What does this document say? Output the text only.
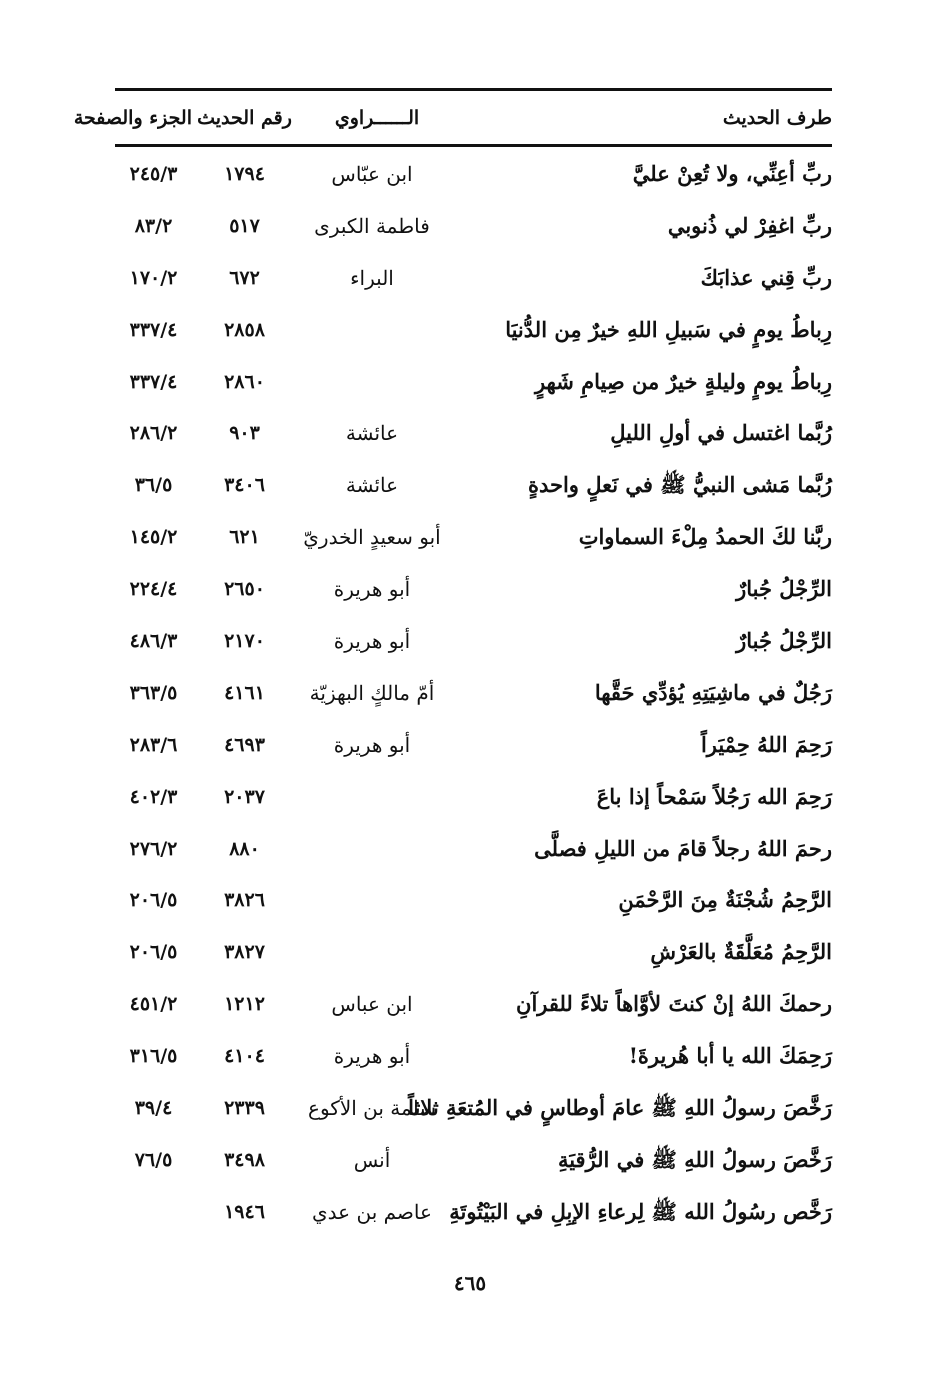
طرف الحديث
الــــــراوي
رقم الحديث
الجزء والصفحة
ربِّ أعِنِّي، ولا تُعِنْ عليَّ
ابن عبّاس
١٧٩٤
٢٤٥/٣
ربِّ اغفِرْ لي ذُنوبي
فاطمة الكبرى
٥١٧
٨٣/٢
ربِّ قِني عذابَكَ
البراء
٦٧٢
١٧٠/٢
رِباطُ يومٍ في سَبيلِ اللهِ خيرٌ مِن الدُّنيَا
٢٨٥٨
٣٣٧/٤
رِباطُ يومٍ وليلةٍ خيرٌ من صِيامِ شَهرٍ
٢٨٦٠
٣٣٧/٤
رُبَّما اغتسل في أولِ الليلِ
عائشة
٩٠٣
٢٨٦/٢
رُبَّما مَشى النبيُّ ﷺ في نَعلٍ واحدةٍ
عائشة
٣٤٠٦
٣٦/٥
ربَّنا لكَ الحمدُ مِلْءَ السماواتِ
أبو سعيدٍ الخدريّ
٦٢١
١٤٥/٢
الرِّجْلُ جُبارٌ
أبو هريرة
٢٦٥٠
٢٢٤/٤
الرِّجْلُ جُبارٌ
أبو هريرة
٢١٧٠
٤٨٦/٣
رَجُلٌ في ماشِيَتِهِ يُؤدِّي حَقَّها
أمّ مالكٍ البهزيّة
٤١٦١
٣٦٣/٥
رَحِمَ اللهُ حِمْيَراً
أبو هريرة
٤٦٩٣
٢٨٣/٦
رَحِمَ الله رَجُلاً سَمْحاً إذا باعَ
٢٠٣٧
٤٠٢/٣
رحمَ اللهُ رجلاً قامَ من الليلِ فصلَّى
٨٨٠
٢٧٦/٢
الرَّحِمُ شُجْنَةٌ مِنَ الرَّحْمَنِ
٣٨٢٦
٢٠٦/٥
الرَّحِمُ مُعَلَّقَةٌ بالعَرْشِ
٣٨٢٧
٢٠٦/٥
رحمكَ اللهُ إنْ كنتَ لأوَّاهاً تلاءً للقرآنِ
ابن عباس
١٢١٢
٤٥١/٢
رَحِمَكَ الله يا أبا هُريرةَ!
أبو هريرة
٤١٠٤
٣١٦/٥
رَخَّصَ رسولُ اللهِ ﷺ عامَ أوطاسٍ في المُتعَةِ ثلاثاً
سلمة بن الأكوع
٢٣٣٩
٣٩/٤
رَخَّصَ رسولُ اللهِ ﷺ في الرُّقيَةِ
أنس
٣٤٩٨
٧٦/٥
رَخَّص رسُولُ الله ﷺ لِرعاءِ الإبِلِ في البَيْتُوتَةِ
عاصم بن عدي
١٩٤٦
٤٦٥
